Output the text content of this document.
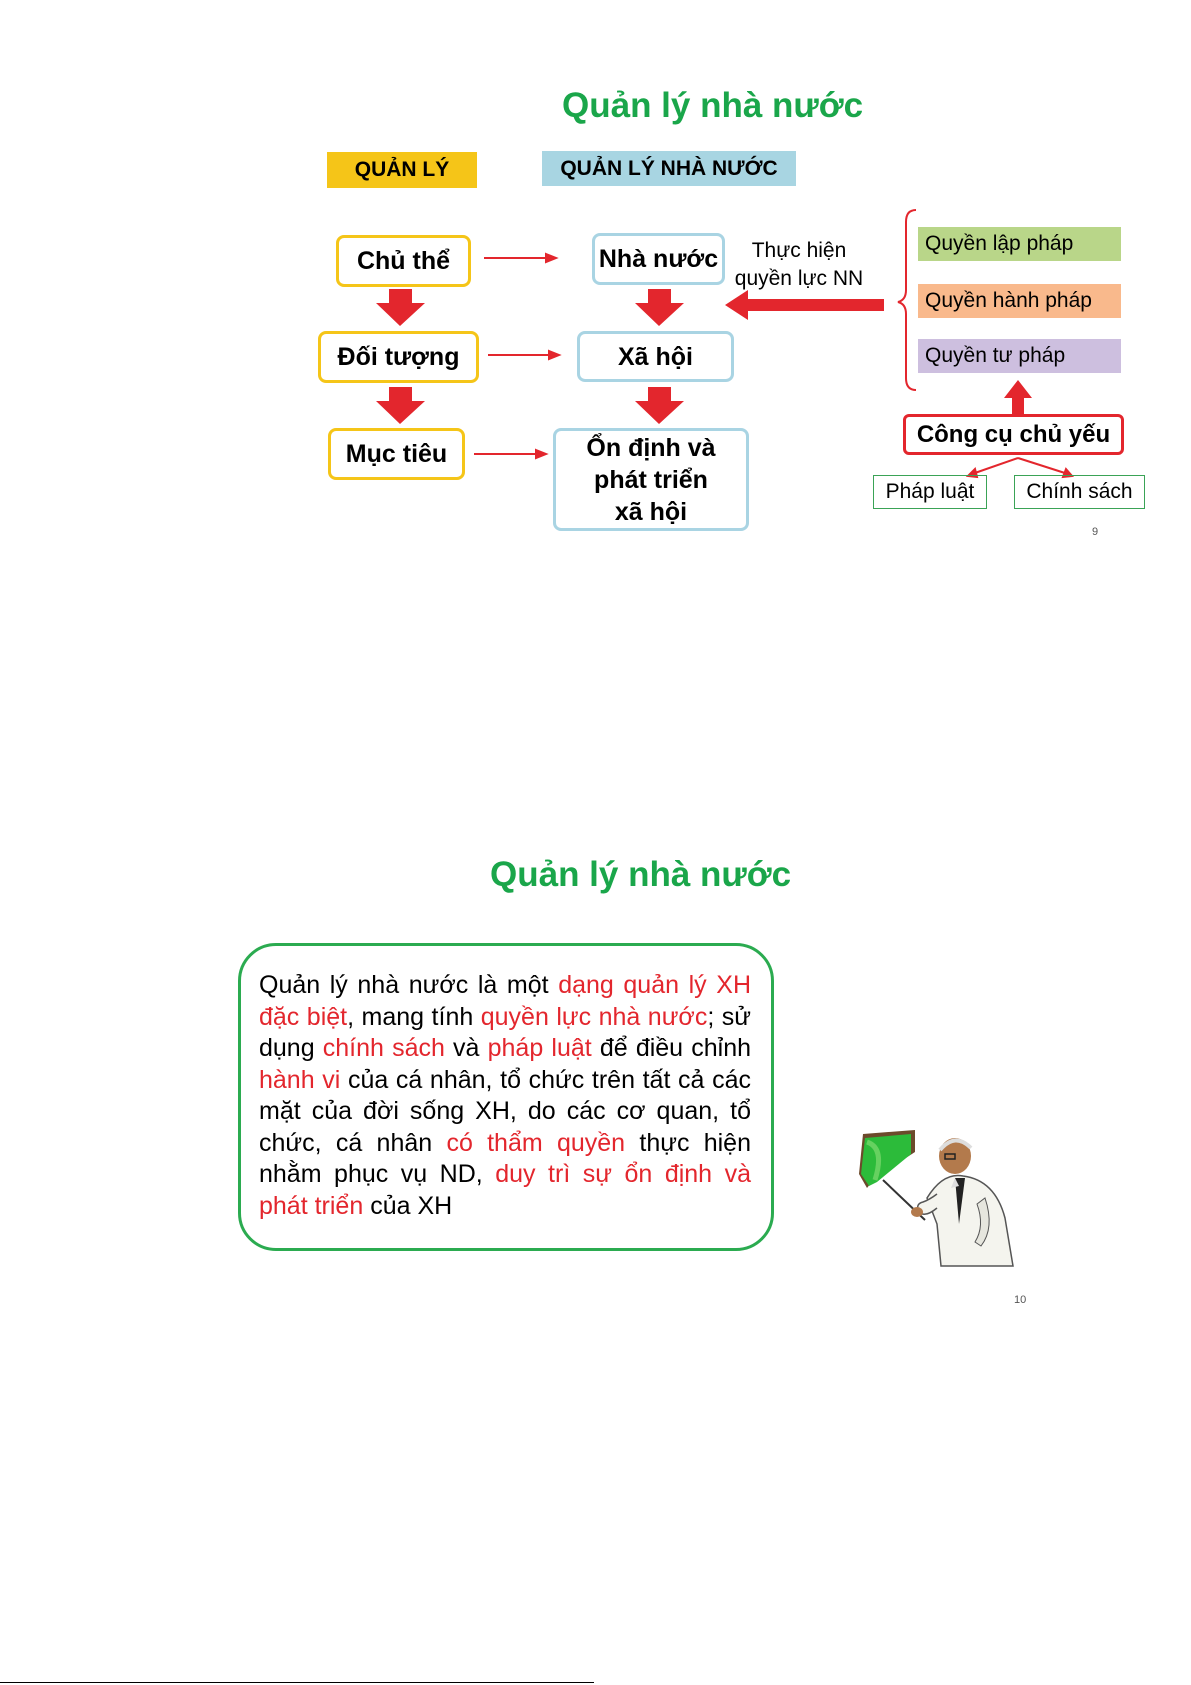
Quản lý nhà nước
QUẢN LÝ	QUẢN LÝ NHÀ NƯỚC
Chủ thể
Đối tượng
Mục tiêu
Nhà nước
Xã hội
Ổn định và
phát triển
xã hội
Thực hiện
quyền lực NN
Quyền lập pháp
Quyền hành pháp
Quyền tư pháp
Công cụ chủ yếu
Pháp luật	Chính sách
9
Quản lý nhà nước
Quản lý nhà nước là một dạng quản lý XH đặc biệt, mang tính quyền lực nhà nước; sử dụng chính sách và pháp luật để điều chỉnh hành vi của cá nhân, tổ chức trên tất cả các mặt của đời sống XH, do các cơ quan, tổ chức, cá nhân có thẩm quyền thực hiện nhằm phục vụ ND, duy trì sự ổn định và phát triển của XH
10
